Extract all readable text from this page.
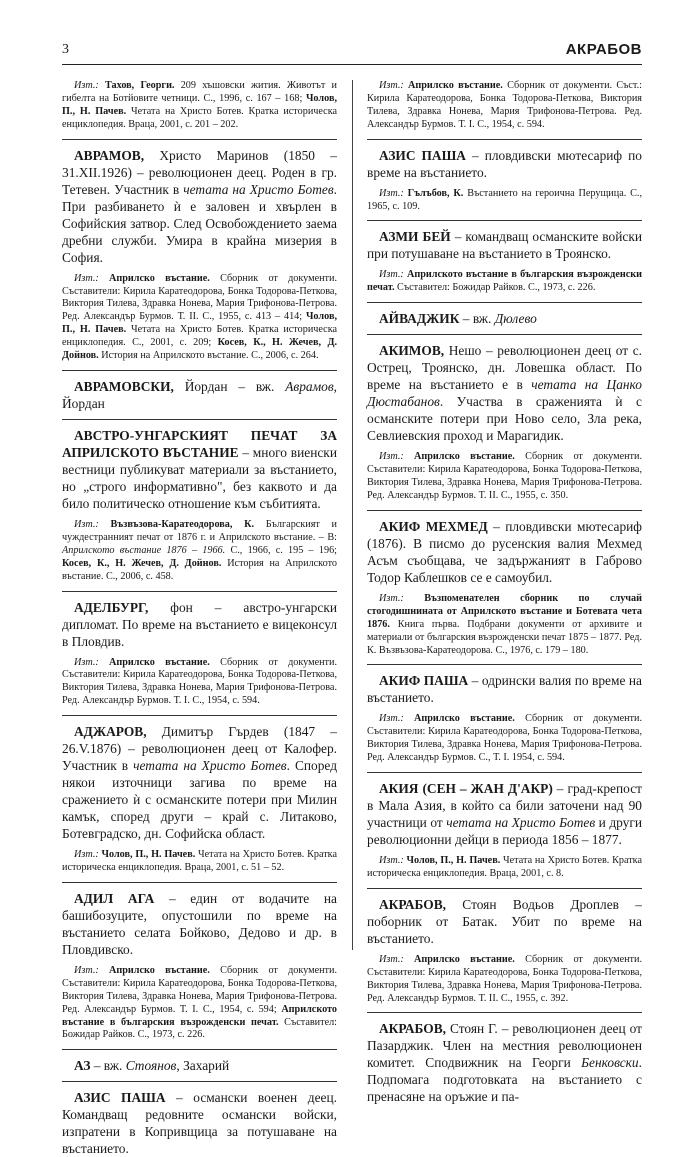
3	АКРАБОВ

Изт.: Тахов, Георги. 209 хъшовски жития. Животът и гибелта на Ботйовите четници. С., 1996, с. 167 – 168; Чолов, П., Н. Пачев. Четата на Христо Ботев. Кратка историческа енциклопедия. Враца, 2001, с. 201 – 202.

АВРАМОВ, Христо Маринов (1850 – 31.XII.1926) – революционен деец. Роден в гр. Тетевен. Участник в четата на Христо Ботев. При разбиването ѝ е заловен и хвърлен в Софийския затвор. След Освобождението заема дребни служби. Умира в крайна мизерия в София.

Изт.: Априлско въстание. Сборник от документи. Съставители: Кирила Каратеодорова, Бонка Тодорова-Петкова, Виктория Тилева, Здравка Нонева, Мария Трифонова-Петрова. Ред. Александър Бурмов. Т. II. С., 1955, с. 413 – 414; Чолов, П., Н. Пачев. Четата на Христо Ботев. Кратка историческа енциклопедия. С., 2001, с. 209; Косев, К., Н. Жечев, Д. Дойнов. История на Априлското въстание. С., 2006, с. 264.

АВРАМОВСКИ, Йордан – вж. Аврамов, Йордан

АВСТРО-УНГАРСКИЯТ ПЕЧАТ ЗА АПРИЛСКОТО ВЪСТАНИЕ – много виенски вестници публикуват материали за въстанието, но „строго информативно", без каквото и да било политическо отношение към събитията.

Изт.: Възвъзова-Каратеодорова, К. Българският и чуждестранният печат от 1876 г. и Априлското въстание. – В: Априлското въстание 1876 – 1966. С., 1966, с. 195 – 196; Косев, К., Н. Жечев, Д. Дойнов. История на Априлското въстание. С., 2006, с. 458.

АДЕЛБУРГ, фон – австро-унгарски дипломат. По време на въстанието е вицеконсул в Пловдив.

Изт.: Априлско въстание. Сборник от документи. Съставители: Кирила Каратеодорова, Бонка Тодорова-Петкова, Виктория Тилева, Здравка Нонева, Мария Трифонова-Петрова. Ред. Александър Бурмов. Т. I. С., 1954, с. 594.

АДЖАРОВ, Димитър Гърдев (1847 – 26.V.1876) – революционен деец от Калофер. Участник в четата на Христо Ботев. Според някои източници загива по време на сражението ѝ с османските потери при Милин камък, според други – край с. Литаково, Ботевградско, дн. Софийска област.

Изт.: Чолов, П., Н. Пачев. Четата на Христо Ботев. Кратка историческа енциклопедия. Враца, 2001, с. 51 – 52.

АДИЛ АГА – един от водачите на башибозуците, опустошили по време на въстанието селата Бойково, Дедово и др. в Пловдивско.

Изт.: Априлско въстание. Сборник от документи. Съставители: Кирила Каратеодорова, Бонка Тодорова-Петкова, Виктория Тилева, Здравка Нонева, Мария Трифонова-Петрова. Ред. Александър Бурмов. Т. I. С., 1954, с. 594; Априлското въстание в българския възрожденски печат. Съставител: Божидар Райков. С., 1973, с. 226.

АЗ – вж. Стоянов, Захарий

АЗИС ПАША – османски военен деец. Командващ редовните османски войски, изпратени в Копривщица за потушаване на въстанието.

Изт.: Априлско въстание. Сборник от документи. Съст.: Кирила Каратеодорова, Бонка Тодорова-Петкова, Виктория Тилева, Здравка Нонева, Мария Трифонова-Петрова. Ред. Александър Бурмов. Т. I. С., 1954, с. 594.

АЗИС ПАША – пловдивски мютесариф по време на въстанието.

Изт.: Гълъбов, К. Въстанието на героична Перущица. С., 1965, с. 109.

АЗМИ БЕЙ – командващ османските войски при потушаване на въстанието в Троянско.

Изт.: Априлското въстание в българския възрожденски печат. Съставител: Божидар Райков. С., 1973, с. 226.

АЙВАДЖИК – вж. Дюлево

АКИМОВ, Нешо – революционен деец от с. Острец, Троянско, дн. Ловешка област. По време на въстанието е в четата на Цанко Дюстабанов. Участва в сраженията ѝ с османските потери при Ново село, Зла река, Севлиевския проход и Марагидик.

Изт.: Априлско въстание. Сборник от документи. Съставители: Кирила Каратеодорова, Бонка Тодорова-Петкова, Виктория Тилева, Здравка Нонева, Мария Трифонова-Петрова. Ред. Александър Бурмов. Т. II. С., 1955, с. 350.

АКИФ МЕХМЕД – пловдивски мютесариф (1876). В писмо до русенския валия Мехмед Асъм съобщава, че задържаният в Габрово Тодор Каблешков се е самоубил.

Изт.: Възпоменателен сборник по случай стогодишнината от Априлското въстание и Ботевата чета 1876. Книга първа. Подбрани документи от архивите и материали от българския възрожденски печат 1875 – 1877. Ред. К. Възвъзова-Каратеодорова. С., 1976, с. 179 – 180.

АКИФ ПАША – одрински валия по време на въстанието.

Изт.: Априлско въстание. Сборник от документи. Съставители: Кирила Каратеодорова, Бонка Тодорова-Петкова, Виктория Тилева, Здравка Нонева, Мария Трифонова-Петрова. Ред. Александър Бурмов. С., Т. I. 1954, с. 594.

АКИЯ (СЕН – ЖАН Д'АКР) – град-крепост в Мала Азия, в който са били заточени над 90 участници от четата на Христо Ботев и други революционни дейци в периода 1856 – 1877.

Изт.: Чолов, П., Н. Пачев. Четата на Христо Ботев. Кратка историческа енциклопедия. Враца, 2001, с. 8.

АКРАБОВ, Стоян Водьов Дроплев – поборник от Батак. Убит по време на въстанието.

Изт.: Априлско въстание. Сборник от документи. Съставители: Кирила Каратеодорова, Бонка Тодорова-Петкова, Виктория Тилева, Здравка Нонева, Мария Трифонова-Петрова. Ред. Александър Бурмов. Т. II. С., 1955, с. 392.

АКРАБОВ, Стоян Г. – революционен деец от Пазарджик. Член на местния революционен комитет. Сподвижник на Георги Бенковски. Подпомага подготовката на въстанието с пренасяне на оръжие и па-
